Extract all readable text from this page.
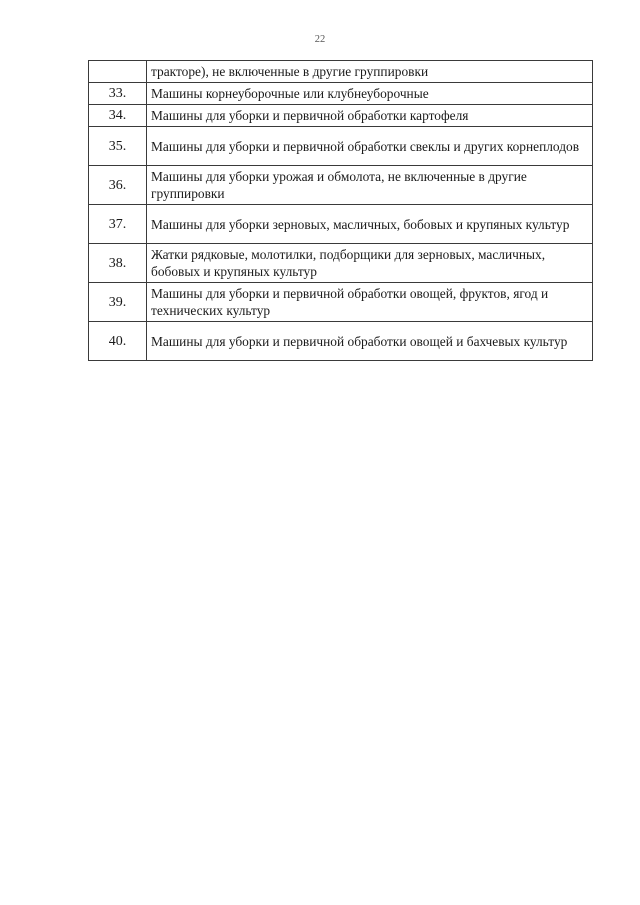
22
	тракторе), не включенные в другие группировки
33.	Машины корнеуборочные или клубнеуборочные
34.	Машины для уборки и первичной обработки картофеля
35.	Машины для уборки и первичной обработки свеклы и других корнеплодов
36.	Машины для уборки урожая и обмолота, не включенные в другие группировки
37.	Машины для уборки зерновых, масличных, бобовых и крупяных культур
38.	Жатки рядковые, молотилки, подборщики для зерновых, масличных, бобовых и крупяных культур
39.	Машины для уборки и первичной обработки овощей, фруктов, ягод и технических культур
40.	Машины для уборки и первичной обработки овощей и бахчевых культур
